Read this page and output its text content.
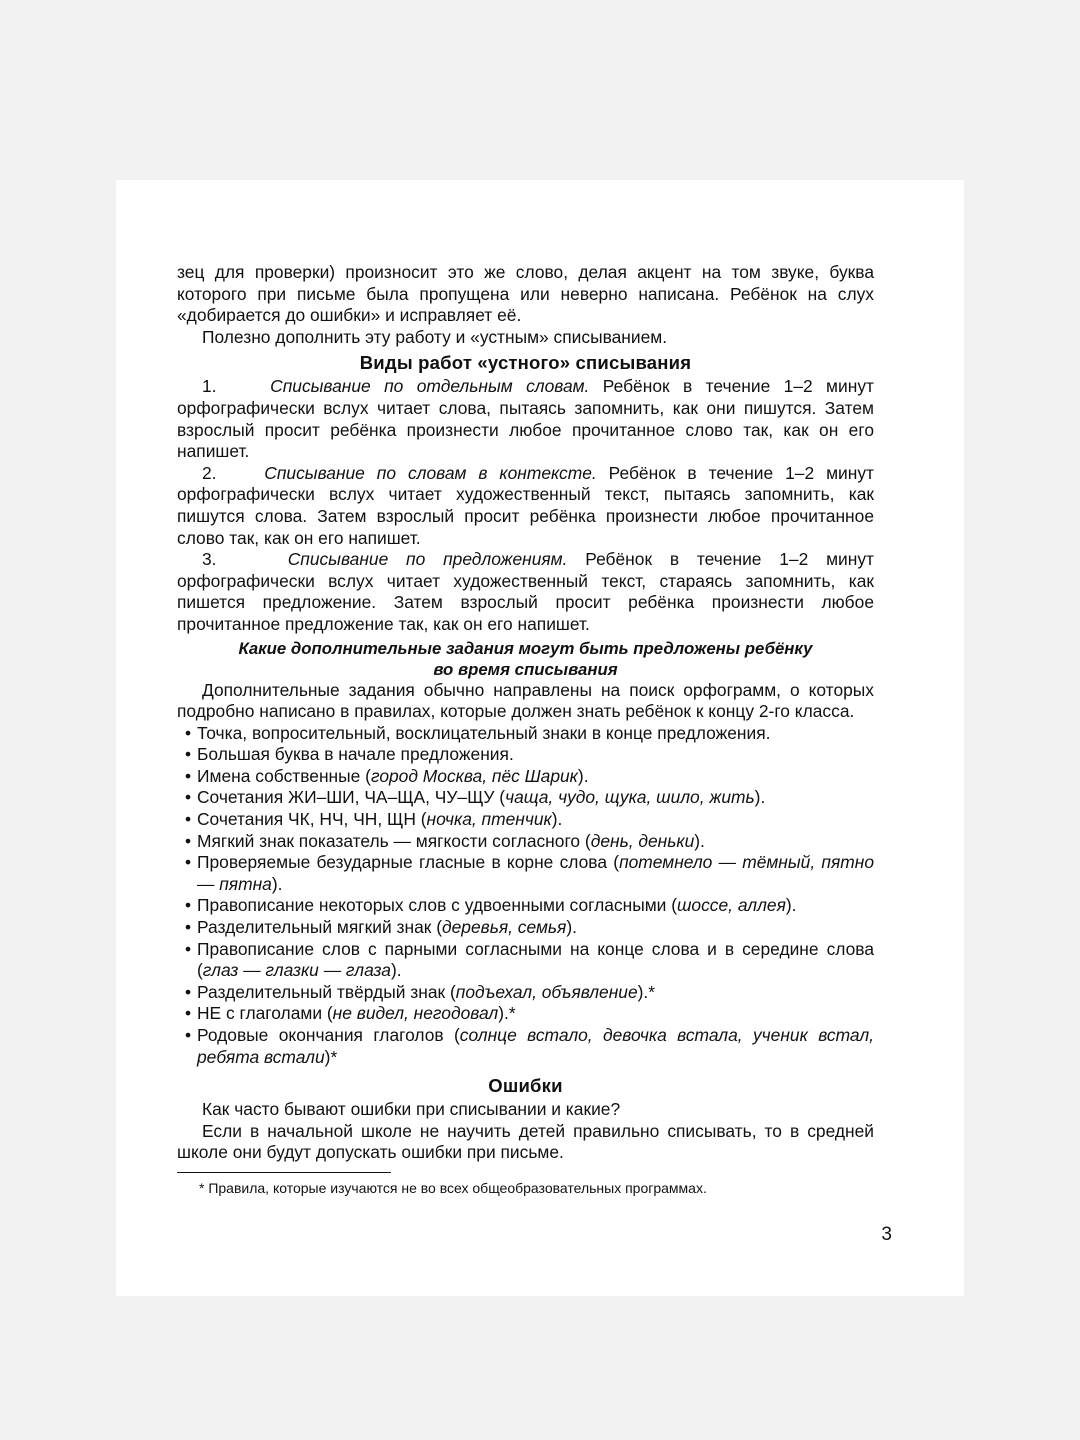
зец для проверки) произносит это же слово, делая акцент на том звуке, буква которого при письме была пропущена или неверно написана. Ребёнок на слух «добирается до ошибки» и исправляет её.

Полезно дополнить эту работу и «устным» списыванием.

Виды работ «устного» списывания

1.	Списывание по отдельным словам. Ребёнок в течение 1–2 минут орфографически вслух читает слова, пытаясь запомнить, как они пишутся. Затем взрослый просит ребёнка произнести любое прочитанное слово так, как он его напишет.

2.	Списывание по словам в контексте. Ребёнок в течение 1–2 минут орфографически вслух читает художественный текст, пытаясь запомнить, как пишутся слова. Затем взрослый просит ребёнка произнести любое прочитанное слово так, как он его напишет.

3.	Списывание по предложениям. Ребёнок в течение 1–2 минут орфографически вслух читает художественный текст, стараясь запомнить, как пишется предложение. Затем взрослый просит ребёнка произнести любое прочитанное предложение так, как он его напишет.

Какие дополнительные задания могут быть предложены ребёнку
во время списывания

Дополнительные задания обычно направлены на поиск орфограмм, о которых подробно написано в правилах, которые должен знать ребёнок к концу 2-го класса.

• Точка, вопросительный, восклицательный знаки в конце предложения.

• Большая буква в начале предложения.

• Имена собственные (город Москва, пёс Шарик).

• Сочетания ЖИ–ШИ, ЧА–ЩА, ЧУ–ЩУ (чаща, чудо, щука, шило, жить).

• Сочетания ЧК, НЧ, ЧН, ЩН (ночка, птенчик).

• Мягкий знак показатель — мягкости согласного (день, деньки).

• Проверяемые безударные гласные в корне слова (потемнело — тёмный, пятно — пятна).

• Правописание некоторых слов с удвоенными согласными (шоссе, аллея).

• Разделительный мягкий знак (деревья, семья).

• Правописание слов с парными согласными на конце слова и в середине слова (глаз — глазки — глаза).

• Разделительный твёрдый знак (подъехал, объявление).*

• НЕ с глаголами (не видел, негодовал).*

• Родовые окончания глаголов (солнце встало, девочка встала, ученик встал, ребята встали)*

Ошибки

Как часто бывают ошибки при списывании и какие?

Если в начальной школе не научить детей правильно списывать, то в средней школе они будут допускать ошибки при письме.

* Правила, которые изучаются не во всех общеобразовательных программах.

3
